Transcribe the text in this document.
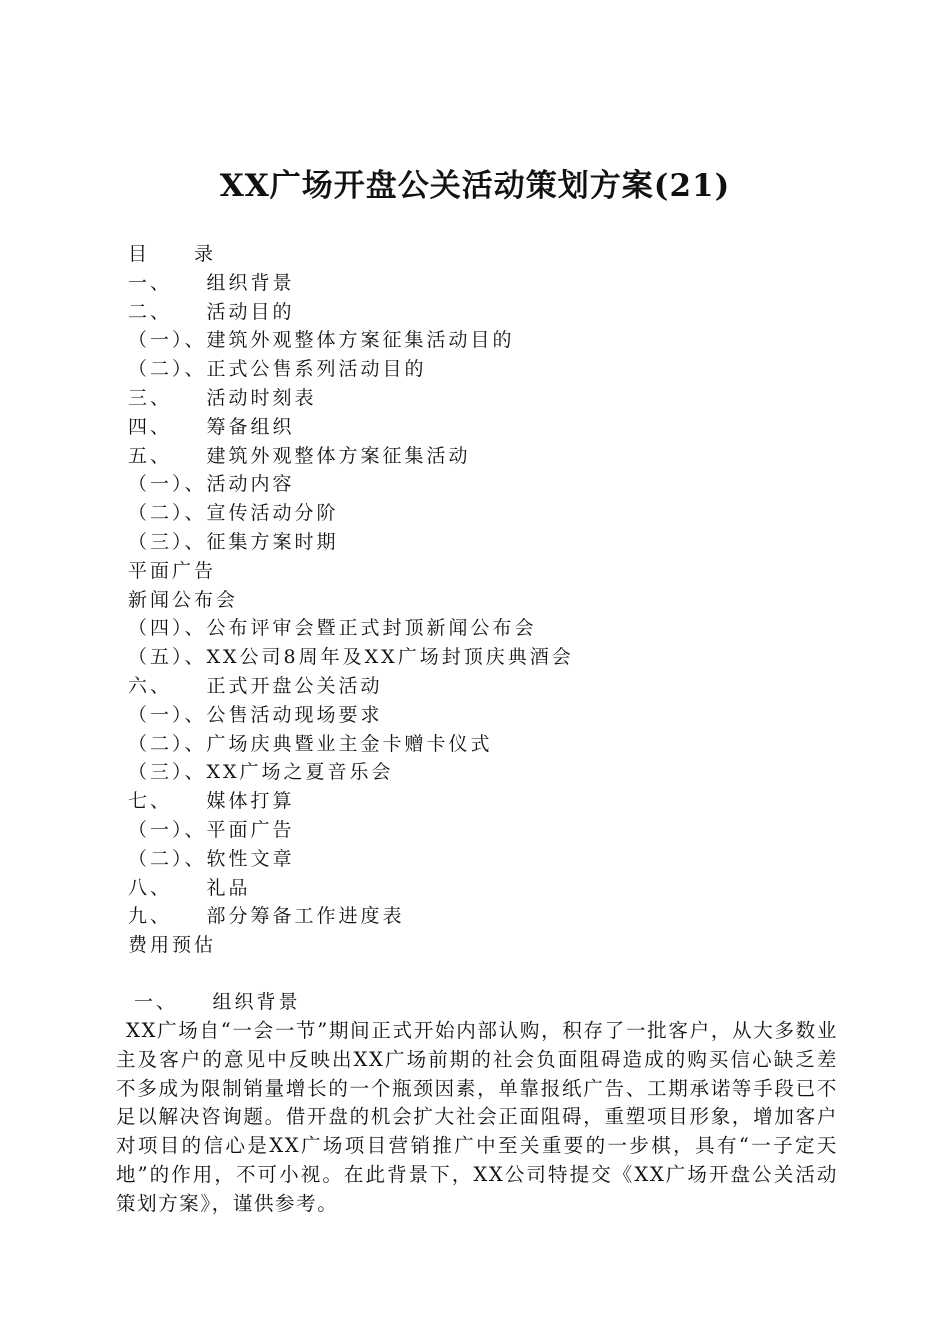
XX广场开盘公关活动策划方案(21)
目　　录
一、　　组织背景
二、　　活动目的
（一）、建筑外观整体方案征集活动目的
（二）、正式公售系列活动目的
三、　　活动时刻表
四、　　筹备组织
五、　　建筑外观整体方案征集活动
（一）、活动内容
（二）、宣传活动分阶
（三）、征集方案时期
平面广告
新闻公布会
（四）、公布评审会暨正式封顶新闻公布会
（五）、XX公司8周年及XX广场封顶庆典酒会
六、　　正式开盘公关活动
（一）、公售活动现场要求
（二）、广场庆典暨业主金卡赠卡仪式
（三）、XX广场之夏音乐会
七、　　媒体打算
（一）、平面广告
（二）、软性文章
八、　　礼品
九、　　部分筹备工作进度表
费用预估
一、　　组织背景

XX广场自“一会一节”期间正式开始内部认购，积存了一批客户，从大多数业主及客户的意见中反映出XX广场前期的社会负面阻碍造成的购买信心缺乏差不多成为限制销量增长的一个瓶颈因素，单靠报纸广告、工期承诺等手段已不足以解决咨询题。借开盘的机会扩大社会正面阻碍，重塑项目形象，增加客户对项目的信心是XX广场项目营销推广中至关重要的一步棋，具有“一子定天地”的作用，不可小视。在此背景下，XX公司特提交《XX广场开盘公关活动策划方案》，谨供参考。
